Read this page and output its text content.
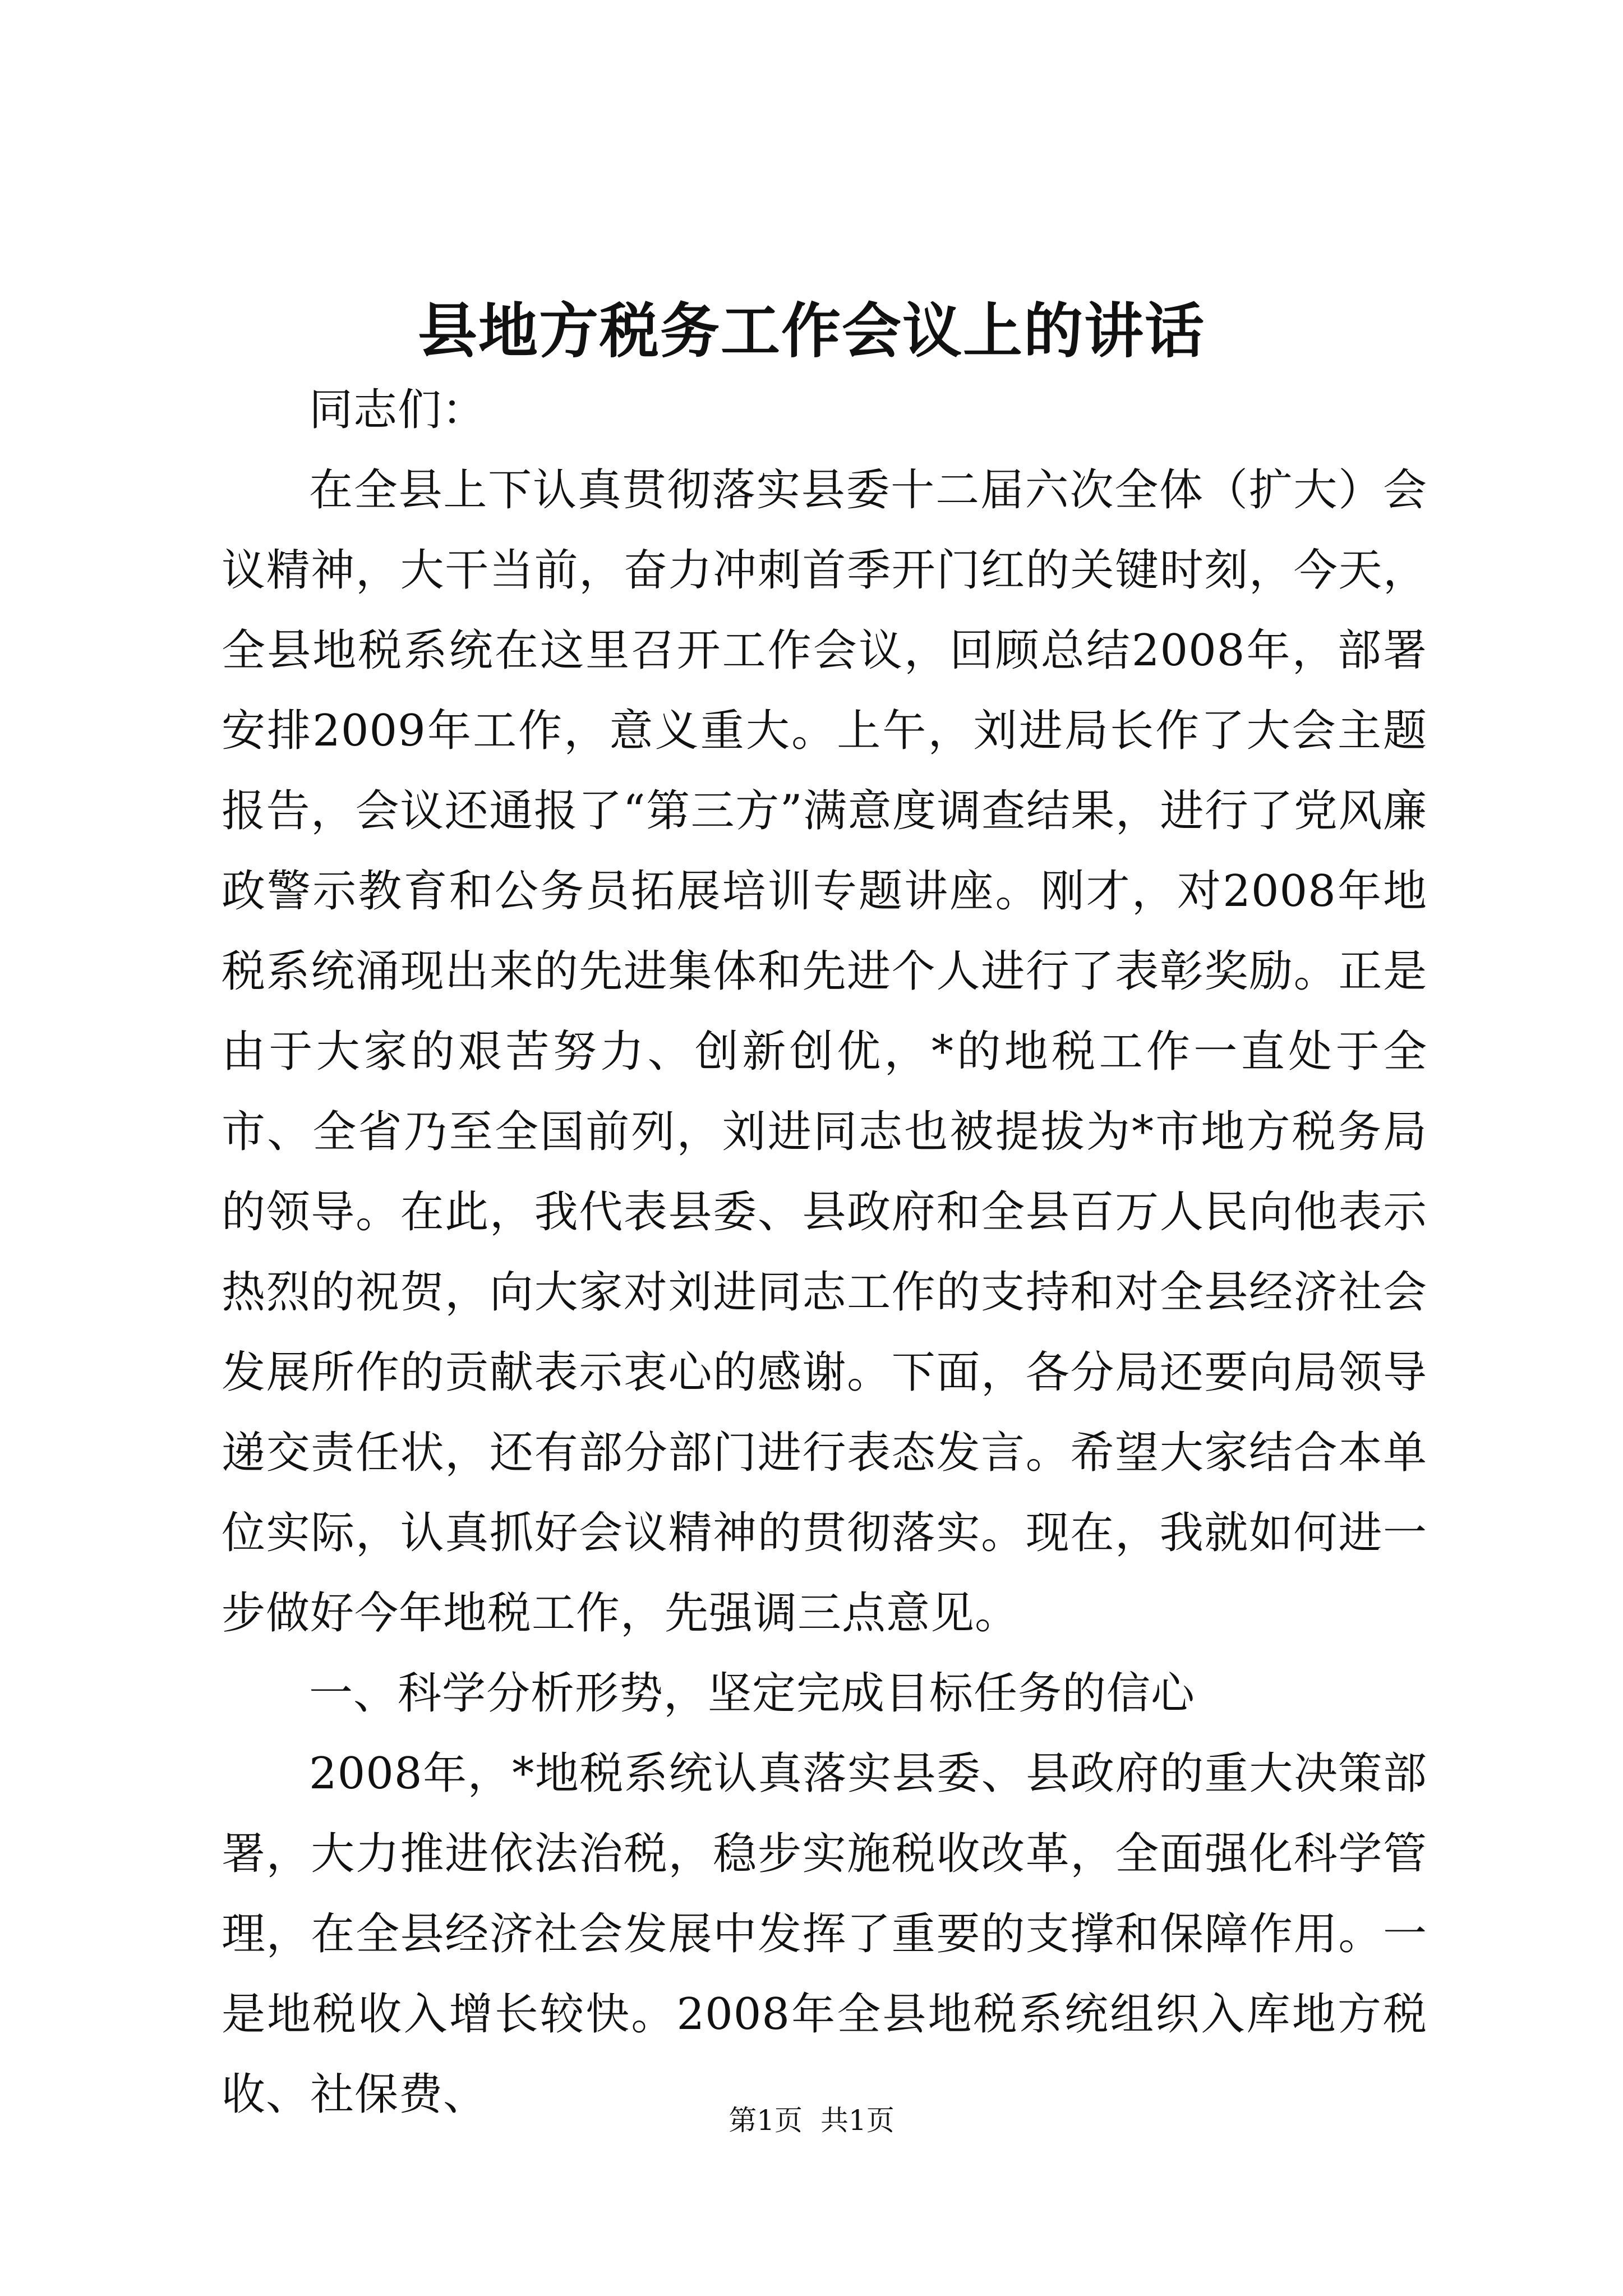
县地方税务工作会议上的讲话

同志们：

在全县上下认真贯彻落实县委十二届六次全体（扩大）会议精神，大干当前，奋力冲刺首季开门红的关键时刻，今天，全县地税系统在这里召开工作会议，回顾总结2008年，部署安排2009年工作，意义重大。上午，刘进局长作了大会主题报告，会议还通报了“第三方”满意度调查结果，进行了党风廉政警示教育和公务员拓展培训专题讲座。刚才，对2008年地税系统涌现出来的先进集体和先进个人进行了表彰奖励。正是由于大家的艰苦努力、创新创优，*的地税工作一直处于全市、全省乃至全国前列，刘进同志也被提拔为*市地方税务局的领导。在此，我代表县委、县政府和全县百万人民向他表示热烈的祝贺，向大家对刘进同志工作的支持和对全县经济社会发展所作的贡献表示衷心的感谢。下面，各分局还要向局领导递交责任状，还有部分部门进行表态发言。希望大家结合本单位实际，认真抓好会议精神的贯彻落实。现在，我就如何进一步做好今年地税工作，先强调三点意见。

一、科学分析形势，坚定完成目标任务的信心

2008年，*地税系统认真落实县委、县政府的重大决策部署，大力推进依法治税，稳步实施税收改革，全面强化科学管理，在全县经济社会发展中发挥了重要的支撑和保障作用。一是地税收入增长较快。2008年全县地税系统组织入库地方税收、社保费、

第1页 共1页
